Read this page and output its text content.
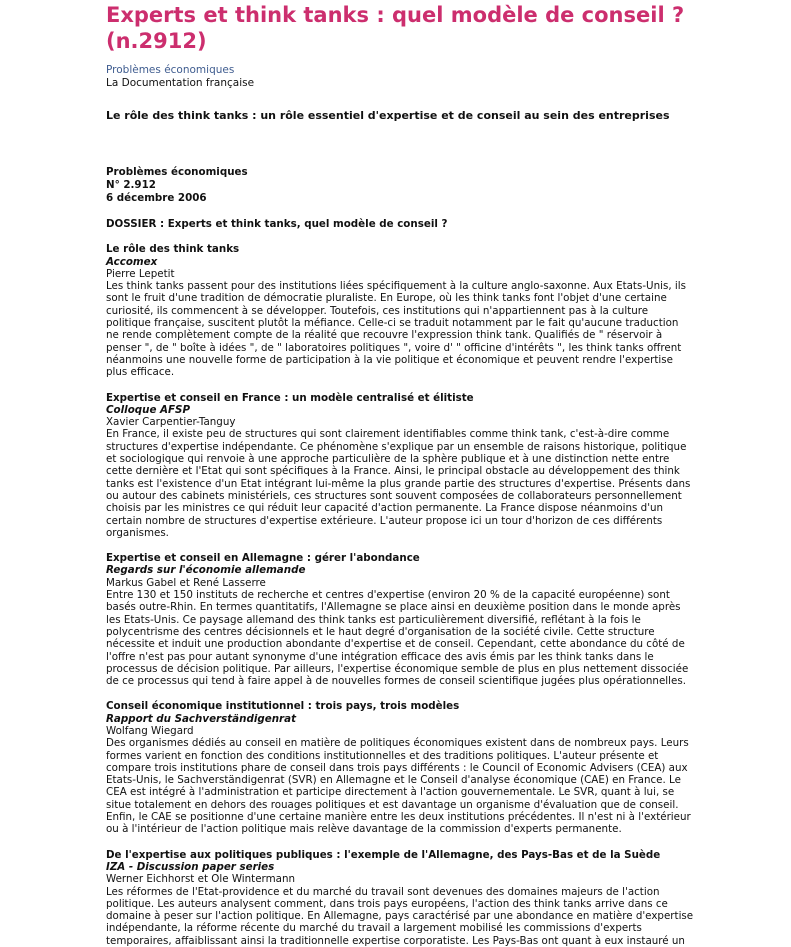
Experts et think tanks : quel modèle de conseil ? (n.2912)
Problèmes économiques
La Documentation française
Le rôle des think tanks : un rôle essentiel d'expertise et de conseil au sein des entreprises
Problèmes économiques
N° 2.912
6 décembre 2006
DOSSIER : Experts et think tanks, quel modèle de conseil ?
Le rôle des think tanks
Accomex
Pierre Lepetit

Les think tanks passent pour des institutions liées spécifiquement à la culture anglo-saxonne. Aux Etats-Unis, ils sont le fruit d'une tradition de démocratie pluraliste. En Europe, où les think tanks font l'objet d'une certaine curiosité, ils commencent à se développer. Toutefois, ces institutions qui n'appartiennent pas à la culture politique française, suscitent plutôt la méfiance. Celle-ci se traduit notamment par le fait qu'aucune traduction ne rende complètement compte de la réalité que recouvre l'expression think tank. Qualifiés de " réservoir à penser ", de " boîte à idées ", de " laboratoires politiques ", voire d' " officine d'intérêts ", les think tanks offrent néanmoins une nouvelle forme de participation à la vie politique et économique et peuvent rendre l'expertise plus efficace.

Expertise et conseil en France : un modèle centralisé et élitiste
Colloque AFSP
Xavier Carpentier-Tanguy

En France, il existe peu de structures qui sont clairement identifiables comme think tank, c'est-à-dire comme structures d'expertise indépendante. Ce phénomène s'explique par un ensemble de raisons historique, politique et sociologique qui renvoie à une approche particulière de la sphère publique et à une distinction nette entre cette dernière et l'Etat qui sont spécifiques à la France. Ainsi, le principal obstacle au développement des think tanks est l'existence d'un Etat intégrant lui-même la plus grande partie des structures d'expertise. Présents dans ou autour des cabinets ministériels, ces structures sont souvent composées de collaborateurs personnellement choisis par les ministres ce qui réduit leur capacité d'action permanente. La France dispose néanmoins d'un certain nombre de structures d'expertise extérieure. L'auteur propose ici un tour d'horizon de ces différents organismes.

Expertise et conseil en Allemagne : gérer l'abondance
Regards sur l'économie allemande
Markus Gabel et René Lasserre

Entre 130 et 150 instituts de recherche et centres d'expertise (environ 20 % de la capacité européenne) sont basés outre-Rhin. En termes quantitatifs, l'Allemagne se place ainsi en deuxième position dans le monde après les Etats-Unis. Ce paysage allemand des think tanks est particulièrement diversifié, reflétant à la fois le polycentrisme des centres décisionnels et le haut degré d'organisation de la société civile. Cette structure nécessite et induit une production abondante d'expertise et de conseil. Cependant, cette abondance du côté de l'offre n'est pas pour autant synonyme d'une intégration efficace des avis émis par les think tanks dans le processus de décision politique. Par ailleurs, l'expertise économique semble de plus en plus nettement dissociée de ce processus qui tend à faire appel à de nouvelles formes de conseil scientifique jugées plus opérationnelles.

Conseil économique institutionnel : trois pays, trois modèles
Rapport du Sachverständigenrat
Wolfang Wiegard

Des organismes dédiés au conseil en matière de politiques économiques existent dans de nombreux pays. Leurs formes varient en fonction des conditions institutionnelles et des traditions politiques. L'auteur présente et compare trois institutions phare de conseil dans trois pays différents : le Council of Economic Advisers (CEA) aux Etats-Unis, le Sachverständigenrat (SVR) en Allemagne et le Conseil d'analyse économique (CAE) en France. Le CEA est intégré à l'administration et participe directement à l'action gouvernementale. Le SVR, quant à lui, se situe totalement en dehors des rouages politiques et est davantage un organisme d'évaluation que de conseil. Enfin, le CAE se positionne d'une certaine manière entre les deux institutions précédentes. Il n'est ni à l'extérieur ou à l'intérieur de l'action politique mais relève davantage de la commission d'experts permanente.

De l'expertise aux politiques publiques : l'exemple de l'Allemagne, des Pays-Bas et de la Suède
IZA - Discussion paper series
Werner Eichhorst et Ole Wintermann

Les réformes de l'Etat-providence et du marché du travail sont devenues des domaines majeurs de l'action politique. Les auteurs analysent comment, dans trois pays européens, l'action des think tanks arrive dans ce domaine à peser sur l'action politique. En Allemagne, pays caractérisé par une abondance en matière d'expertise indépendante, la réforme récente du marché du travail a largement mobilisé les commissions d'experts temporaires, affaiblissant ainsi la traditionnelle expertise corporatiste. Les Pays-Bas ont quant à eux instauré un
